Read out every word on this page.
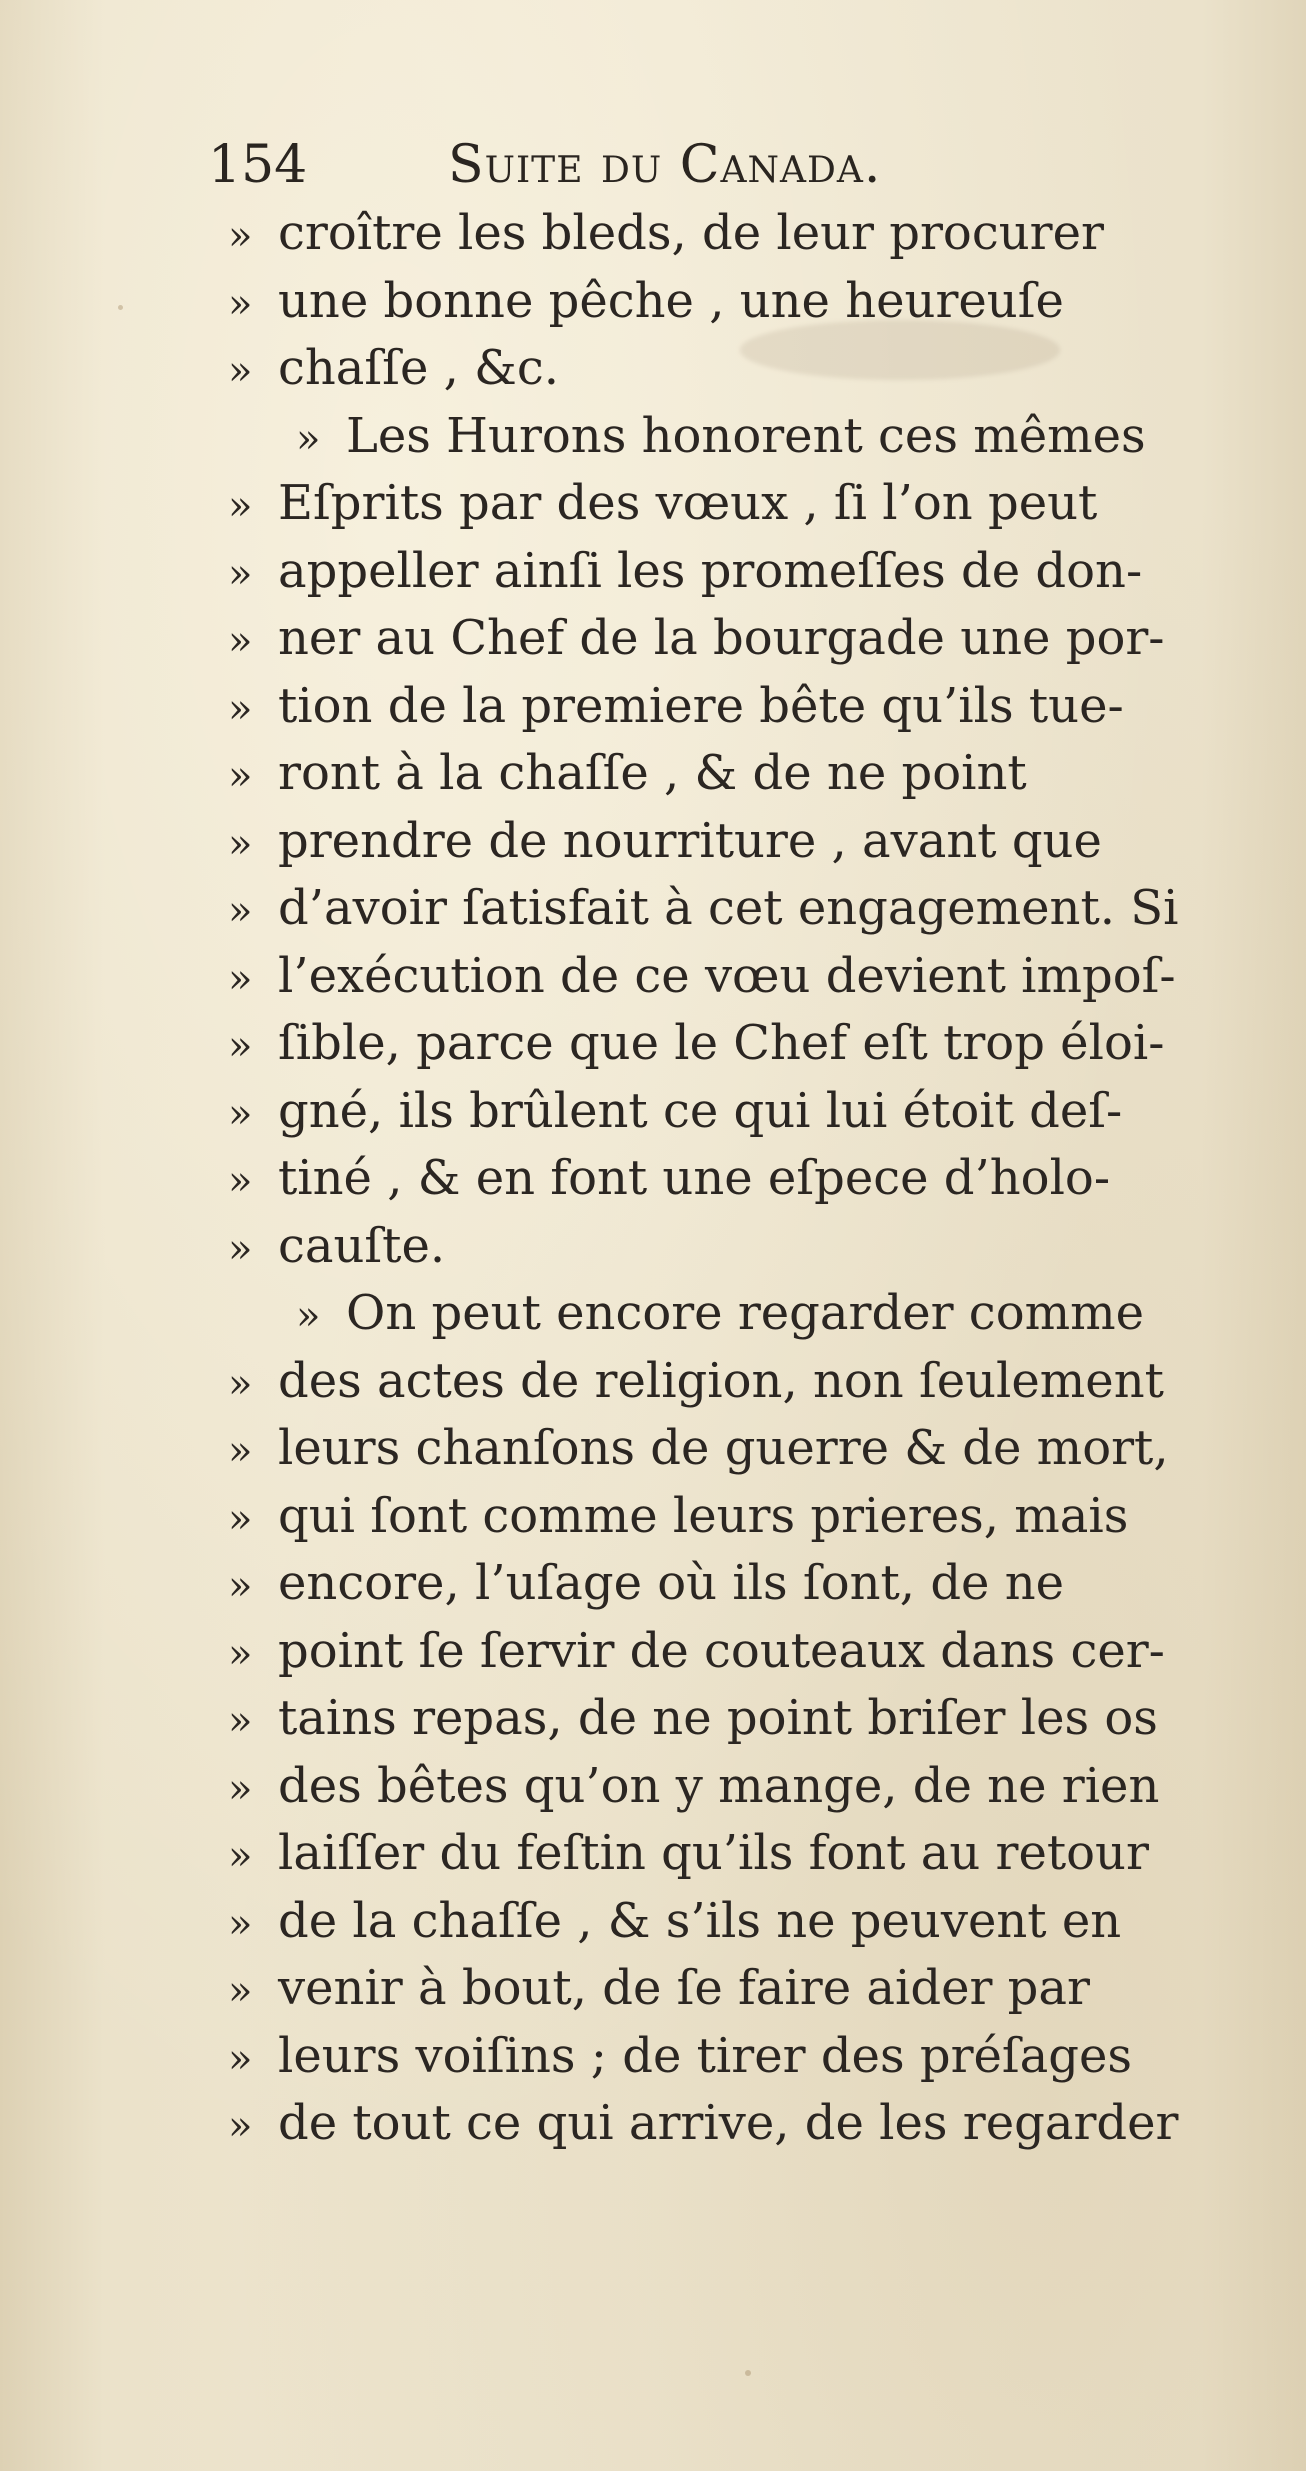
154	Suite du Canada.
» croître les bleds, de leur procurer
» une bonne pêche , une heureuſe
» chaſſe , &c.
» Les Hurons honorent ces mêmes
» Eſprits par des vœux , ſi l’on peut
» appeller ainſi les promeſſes de don-
» ner au Chef de la bourgade une por-
» tion de la premiere bête qu’ils tue-
» ront à la chaſſe , & de ne point
» prendre de nourriture , avant que
» d’avoir ſatisfait à cet engagement. Si
» l’exécution de ce vœu devient impoſ-
» ſible, parce que le Chef eſt trop éloi-
» gné, ils brûlent ce qui lui étoit deſ-
» tiné , & en font une eſpece d’holo-
» cauſte.
» On peut encore regarder comme
» des actes de religion, non ſeulement
» leurs chanſons de guerre & de mort,
» qui ſont comme leurs prieres, mais
» encore, l’uſage où ils ſont, de ne
» point ſe ſervir de couteaux dans cer-
» tains repas, de ne point briſer les os
» des bêtes qu’on y mange, de ne rien
» laiſſer du feſtin qu’ils font au retour
» de la chaſſe , & s’ils ne peuvent en
» venir à bout, de ſe faire aider par
» leurs voiſins ; de tirer des préſages
» de tout ce qui arrive, de les regarder
